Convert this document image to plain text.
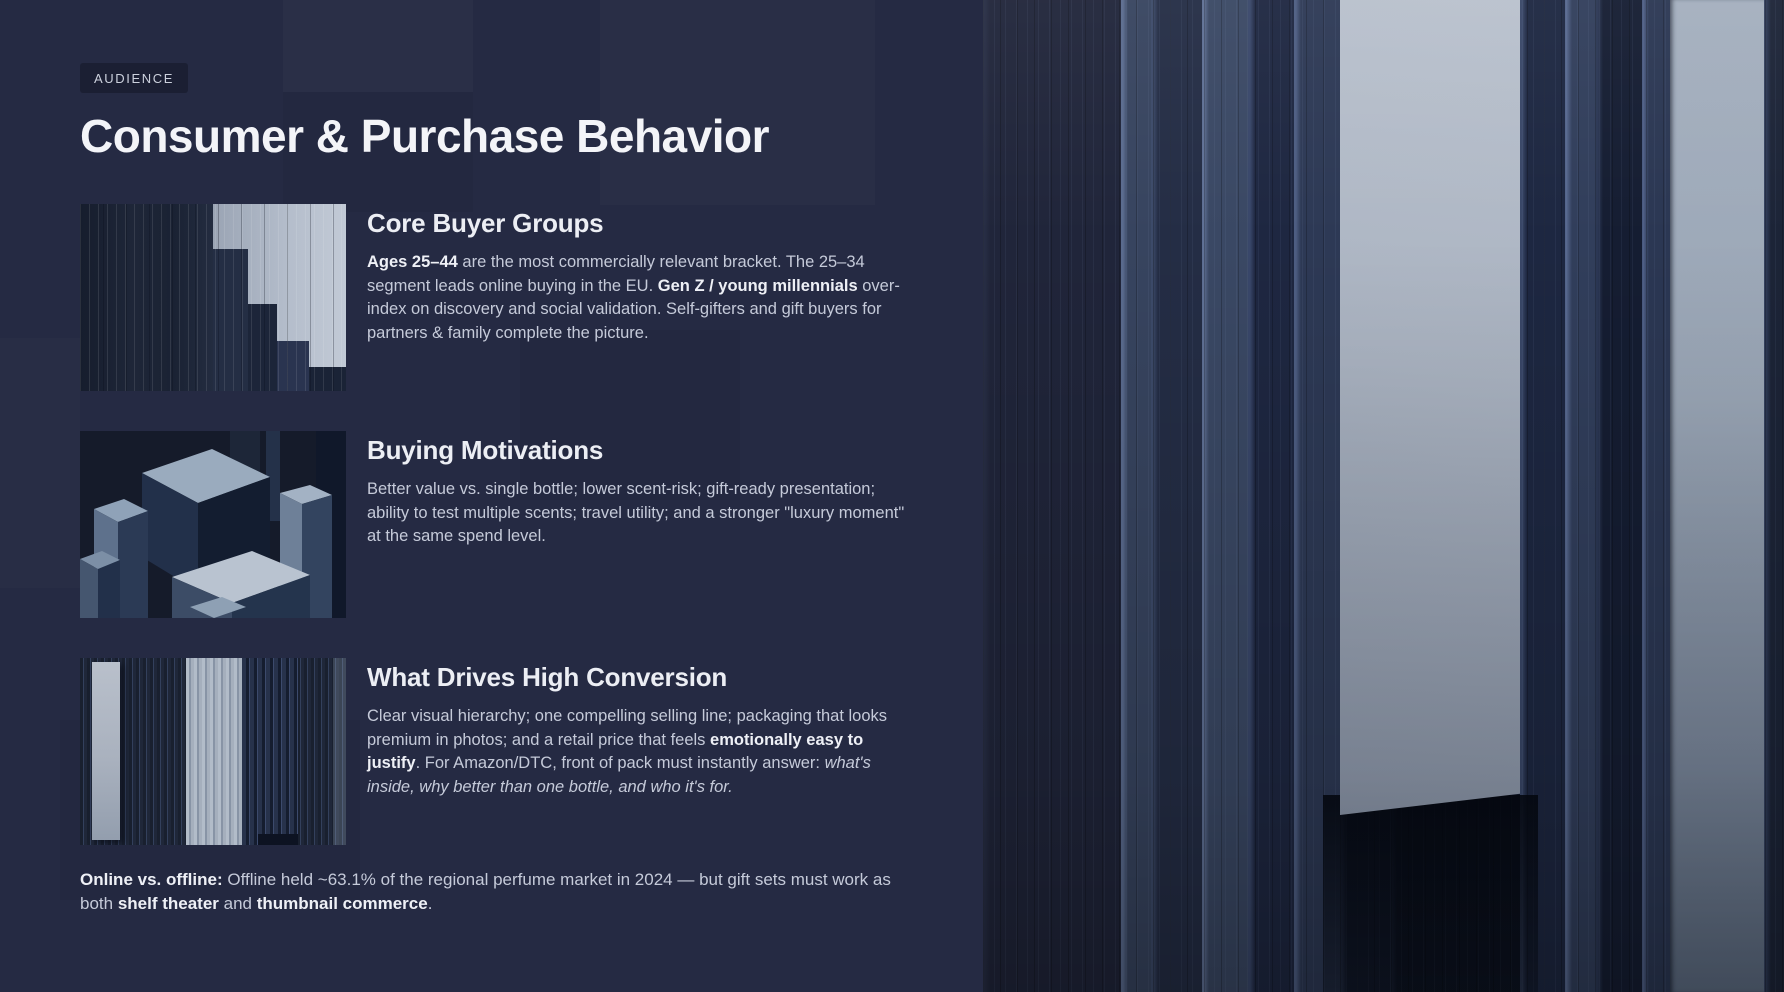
AUDIENCE
Consumer & Purchase Behavior
Core Buyer Groups

Ages 25–44 are the most commercially relevant bracket. The 25–34 segment leads online buying in the EU. Gen Z / young millennials over-index on discovery and social validation. Self-gifters and gift buyers for partners & family complete the picture.

Buying Motivations

Better value vs. single bottle; lower scent-risk; gift-ready presentation; ability to test multiple scents; travel utility; and a stronger "luxury moment" at the same spend level.

What Drives High Conversion

Clear visual hierarchy; one compelling selling line; packaging that looks premium in photos; and a retail price that feels emotionally easy to justify. For Amazon/DTC, front of pack must instantly answer: what's inside, why better than one bottle, and who it's for.

Online vs. offline: Offline held ~63.1% of the regional perfume market in 2024 — but gift sets must work as both shelf theater and thumbnail commerce.
